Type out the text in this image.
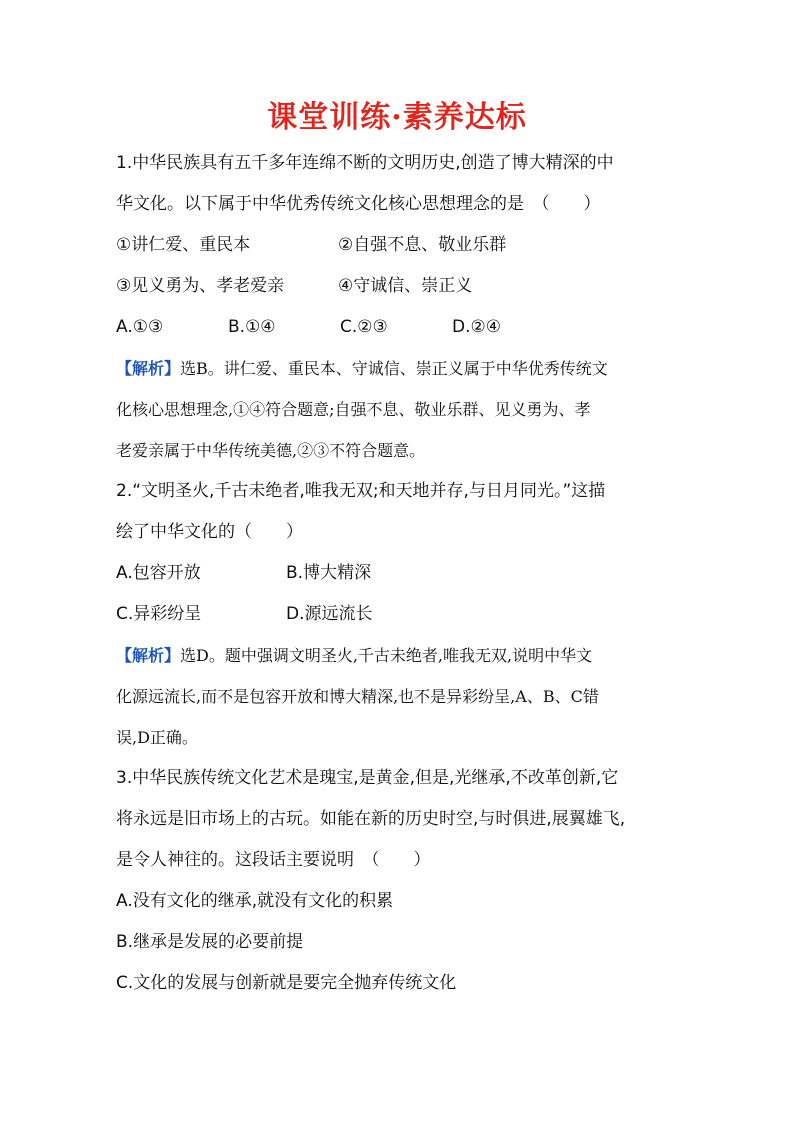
课堂训练·素养达标
1.中华民族具有五千多年连绵不断的文明历史,创造了博大精深的中
华文化。以下属于中华优秀传统文化核心思想理念的是　（　　）
①讲仁爱、重民本	②自强不息、敬业乐群
③见义勇为、孝老爱亲	④守诚信、崇正义
A.①③	B.①④	C.②③	D.②④
【解析】选B。讲仁爱、重民本、守诚信、崇正义属于中华优秀传统文
化核心思想理念,①④符合题意;自强不息、敬业乐群、见义勇为、孝
老爱亲属于中华传统美德,②③不符合题意。
2.“文明圣火,千古未绝者,唯我无双;和天地并存,与日月同光。”这描
绘了中华文化的（　　）
A.包容开放	B.博大精深
C.异彩纷呈	D.源远流长
【解析】选D。题中强调文明圣火,千古未绝者,唯我无双,说明中华文
化源远流长,而不是包容开放和博大精深,也不是异彩纷呈,A、B、C错
误,D正确。
3.中华民族传统文化艺术是瑰宝,是黄金,但是,光继承,不改革创新,它
将永远是旧市场上的古玩。如能在新的历史时空,与时俱进,展翼雄飞,
是令人神往的。这段话主要说明　（　　）
A.没有文化的继承,就没有文化的积累
B.继承是发展的必要前提
C.文化的发展与创新就是要完全抛弃传统文化
